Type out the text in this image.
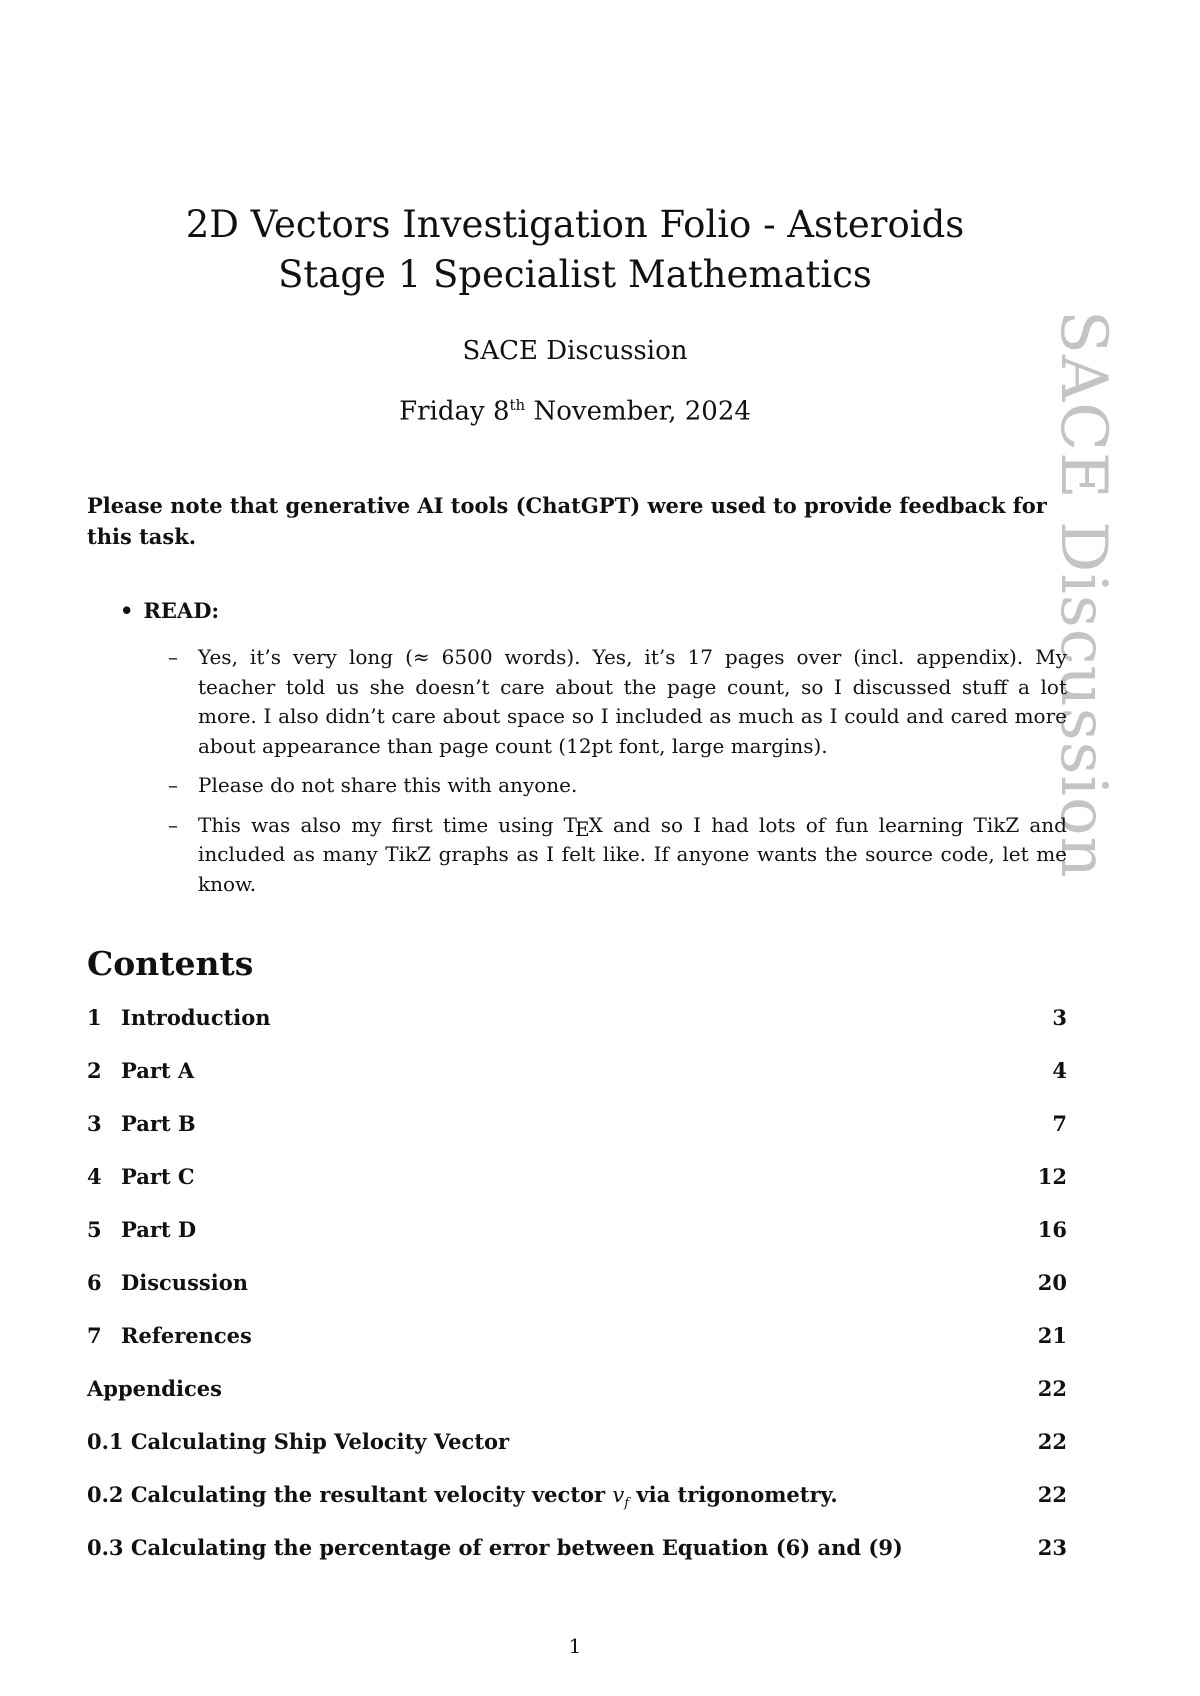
SACE Discussion
2D Vectors Investigation Folio - Asteroids
Stage 1 Specialist Mathematics
SACE Discussion
Friday 8th November, 2024
Please note that generative AI tools (ChatGPT) were used to provide feedback for this task.
• READ:
– Yes, it’s very long (≈ 6500 words). Yes, it’s 17 pages over (incl. appendix). My teacher told us she doesn’t care about the page count, so I discussed stuff a lot more. I also didn’t care about space so I included as much as I could and cared more about appearance than page count (12pt font, large margins).
– Please do not share this with anyone.
– This was also my first time using TEX and so I had lots of fun learning TikZ and included as many TikZ graphs as I felt like. If anyone wants the source code, let me know.
Contents
1 Introduction	3
2 Part A	4
3 Part B	7
4 Part C	12
5 Part D	16
6 Discussion	20
7 References	21
Appendices	22
0.1 Calculating Ship Velocity Vector	22
0.2 Calculating the resultant velocity vector $v_f$ via trigonometry.	22
0.3 Calculating the percentage of error between Equation (6) and (9)	23
1
